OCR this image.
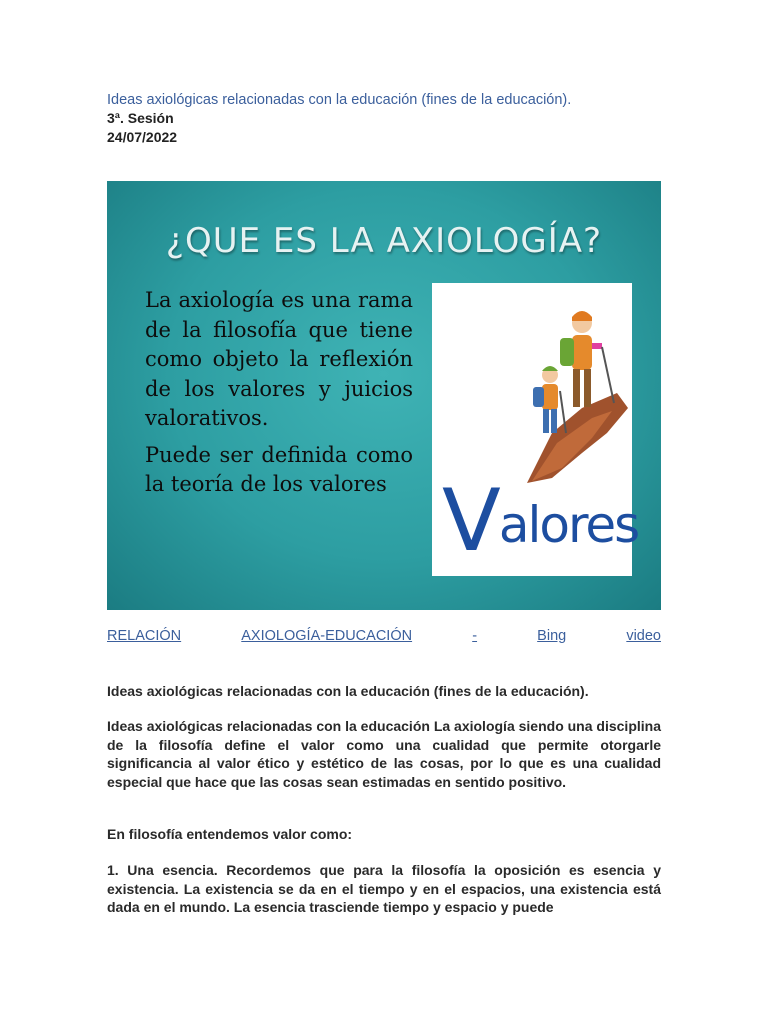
Ideas axiológicas relacionadas con la educación (fines de la educación).
3ª. Sesión
24/07/2022
¿QUE ES LA AXIOLOGÍA?

La axiología es una rama de la filosofía que tiene como objeto la reflexión de los valores y juicios valorativos.

Puede ser definida como la teoría de los valores Valores
RELACIÓN	AXIOLOGÍA-EDUCACIÓN	-	Bing	video

Ideas axiológicas relacionadas con la educación (fines de la educación).

Ideas axiológicas relacionadas con la educación La axiología siendo una disciplina de la filosofía define el valor como una cualidad que permite otorgarle significancia al valor ético y estético de las cosas, por lo que es una cualidad especial que hace que las cosas sean estimadas en sentido positivo.

En filosofía entendemos valor como:

1. Una esencia. Recordemos que para la filosofía la oposición es esencia y existencia. La existencia se da en el tiempo y en el espacios, una existencia está dada en el mundo. La esencia trasciende tiempo y espacio y puede
